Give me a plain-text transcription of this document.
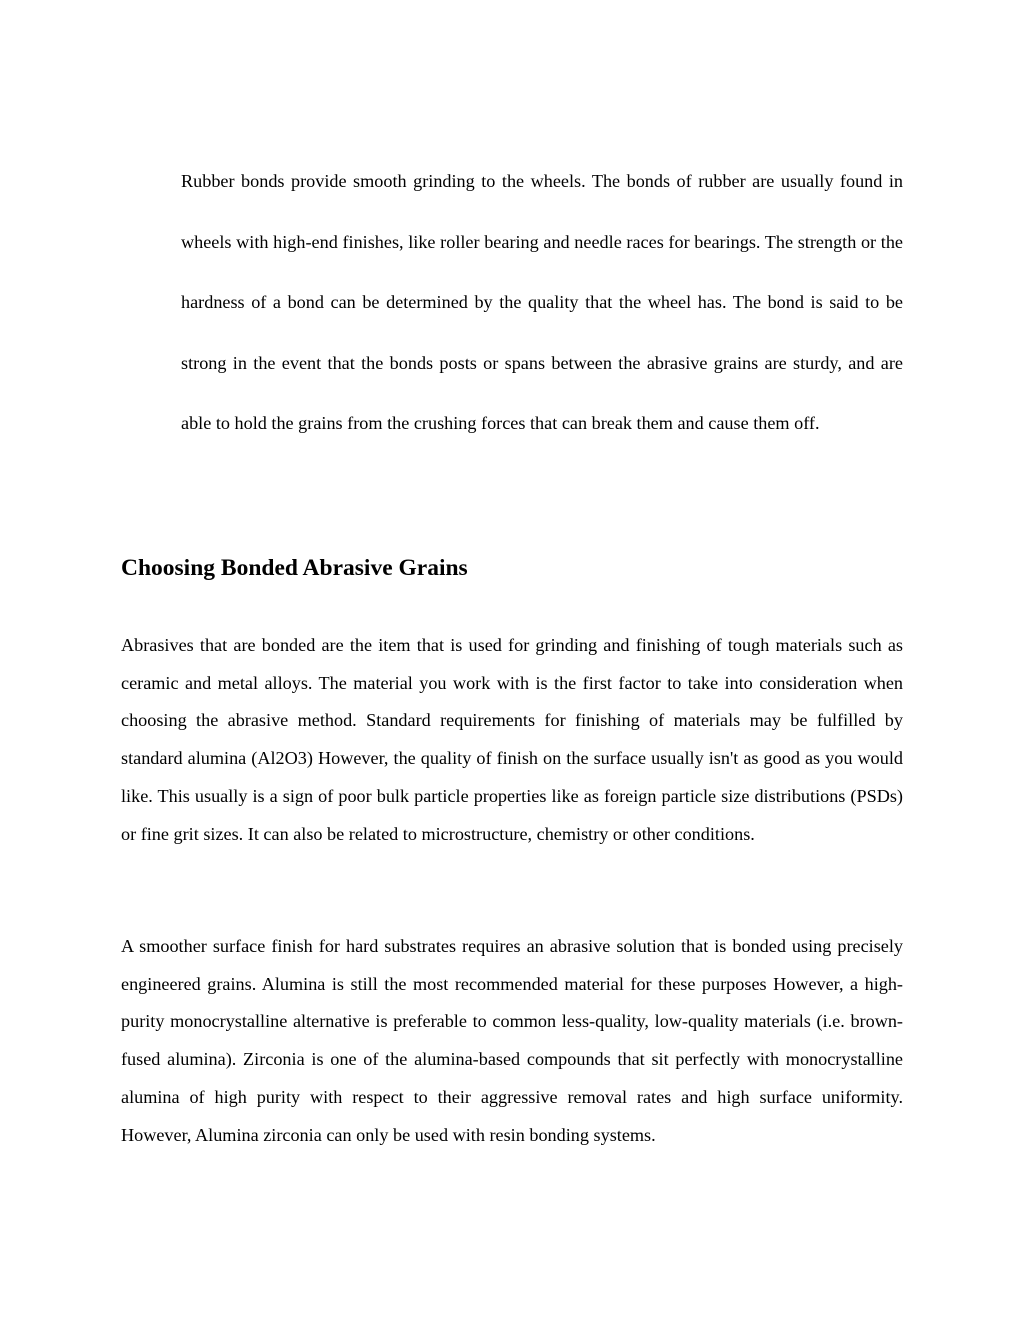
Rubber bonds provide smooth grinding to the wheels. The bonds of rubber are usually found in wheels with high-end finishes, like roller bearing and needle races for bearings. The strength or the hardness of a bond can be determined by the quality that the wheel has. The bond is said to be strong in the event that the bonds posts or spans between the abrasive grains are sturdy, and are able to hold the grains from the crushing forces that can break them and cause them off.

Choosing Bonded Abrasive Grains

Abrasives that are bonded are the item that is used for grinding and finishing of tough materials such as ceramic and metal alloys. The material you work with is the first factor to take into consideration when choosing the abrasive method. Standard requirements for finishing of materials may be fulfilled by standard alumina (Al2O3) However, the quality of finish on the surface usually isn't as good as you would like. This usually is a sign of poor bulk particle properties like as foreign particle size distributions (PSDs) or fine grit sizes. It can also be related to microstructure, chemistry or other conditions.

A smoother surface finish for hard substrates requires an abrasive solution that is bonded using precisely engineered grains. Alumina is still the most recommended material for these purposes However, a high-purity monocrystalline alternative is preferable to common less-quality, low-quality materials (i.e. brown-fused alumina). Zirconia is one of the alumina-based compounds that sit perfectly with monocrystalline alumina of high purity with respect to their aggressive removal rates and high surface uniformity. However, Alumina zirconia can only be used with resin bonding systems.
